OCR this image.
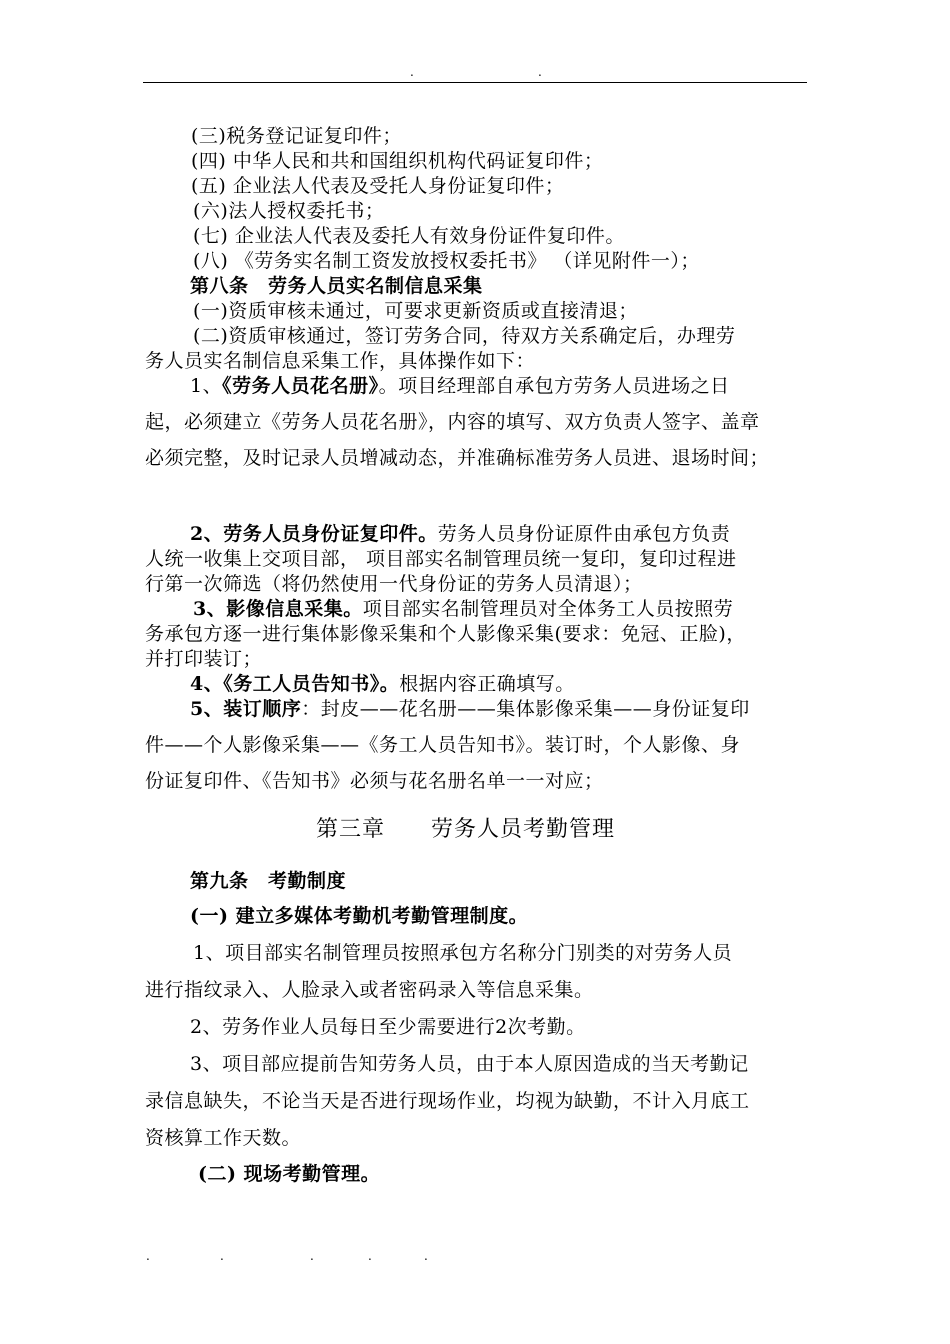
.	.
(三)税务登记证复印件；
(四) 中华人民和共和国组织机构代码证复印件；
(五) 企业法人代表及受托人身份证复印件；
(六)法人授权委托书；
(七) 企业法人代表及委托人有效身份证件复印件。
(八) 《劳务实名制工资发放授权委托书》 （详见附件一）；
第八条　劳务人员实名制信息采集
(一)资质审核未通过，可要求更新资质或直接清退；
(二)资质审核通过，签订劳务合同，待双方关系确定后，办理劳
务人员实名制信息采集工作，具体操作如下：
1、《劳务人员花名册》。项目经理部自承包方劳务人员进场之日
起，必须建立《劳务人员花名册》，内容的填写、双方负责人签字、盖章
必须完整，及时记录人员增减动态，并准确标准劳务人员进、退场时间；
2、劳务人员身份证复印件。劳务人员身份证原件由承包方负责
人统一收集上交项目部， 项目部实名制管理员统一复印，复印过程进
行第一次筛选（将仍然使用一代身份证的劳务人员清退）；
3、影像信息采集。项目部实名制管理员对全体务工人员按照劳
务承包方逐一进行集体影像采集和个人影像采集(要求：免冠、正脸)，
并打印装订；
4、《务工人员告知书》。根据内容正确填写。
5、装订顺序：封皮——花名册——集体影像采集——身份证复印
件——个人影像采集——《务工人员告知书》。装订时，个人影像、身
份证复印件、《告知书》必须与花名册名单一一对应；
第三章　　劳务人员考勤管理
第九条　考勤制度
(一) 建立多媒体考勤机考勤管理制度。
1、项目部实名制管理员按照承包方名称分门别类的对劳务人员
进行指纹录入、人脸录入或者密码录入等信息采集。
2、劳务作业人员每日至少需要进行2次考勤。
3、项目部应提前告知劳务人员，由于本人原因造成的当天考勤记
录信息缺失，不论当天是否进行现场作业，均视为缺勤，不计入月底工
资核算工作天数。
(二) 现场考勤管理。
.	.	.	.	.
